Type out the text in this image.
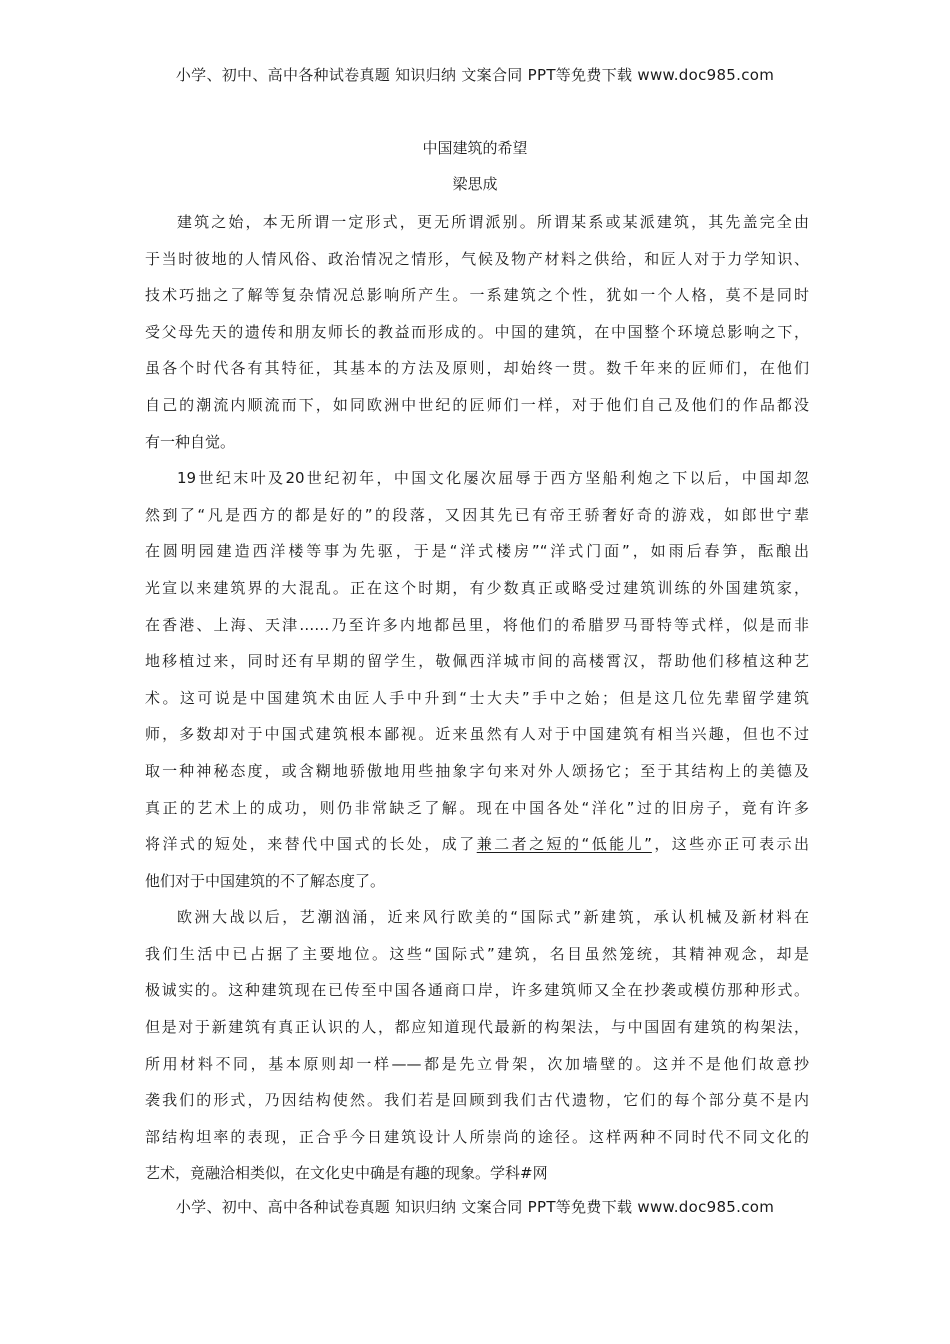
小学、初中、高中各种试卷真题 知识归纳 文案合同 PPT等免费下载 www.doc985.com
中国建筑的希望
梁思成
建筑之始，本无所谓一定形式，更无所谓派别。所谓某系或某派建筑，其先盖完全由
于当时彼地的人情风俗、政治情况之情形，气候及物产材料之供给，和匠人对于力学知识、
技术巧拙之了解等复杂情况总影响所产生。一系建筑之个性，犹如一个人格，莫不是同时
受父母先天的遗传和朋友师长的教益而形成的。中国的建筑，在中国整个环境总影响之下，
虽各个时代各有其特征，其基本的方法及原则，却始终一贯。数千年来的匠师们，在他们
自己的潮流内顺流而下，如同欧洲中世纪的匠师们一样，对于他们自己及他们的作品都没
有一种自觉。
19世纪末叶及20世纪初年，中国文化屡次屈辱于西方坚船利炮之下以后，中国却忽
然到了“凡是西方的都是好的”的段落，又因其先已有帝王骄奢好奇的游戏，如郎世宁辈
在圆明园建造西洋楼等事为先驱，于是“洋式楼房”“洋式门面”，如雨后春笋，酝酿出
光宣以来建筑界的大混乱。正在这个时期，有少数真正或略受过建筑训练的外国建筑家，
在香港、上海、天津……乃至许多内地都邑里，将他们的希腊罗马哥特等式样，似是而非
地移植过来，同时还有早期的留学生，敬佩西洋城市间的高楼霄汉，帮助他们移植这种艺
术。这可说是中国建筑术由匠人手中升到“士大夫”手中之始；但是这几位先辈留学建筑
师，多数却对于中国式建筑根本鄙视。近来虽然有人对于中国建筑有相当兴趣，但也不过
取一种神秘态度，或含糊地骄傲地用些抽象字句来对外人颂扬它；至于其结构上的美德及
真正的艺术上的成功，则仍非常缺乏了解。现在中国各处“洋化”过的旧房子，竟有许多
将洋式的短处，来替代中国式的长处，成了兼二者之短的“低能儿”，这些亦正可表示出
他们对于中国建筑的不了解态度了。
欧洲大战以后，艺潮汹涌，近来风行欧美的“国际式”新建筑，承认机械及新材料在
我们生活中已占据了主要地位。这些“国际式”建筑，名目虽然笼统，其精神观念，却是
极诚实的。这种建筑现在已传至中国各通商口岸，许多建筑师又全在抄袭或模仿那种形式。
但是对于新建筑有真正认识的人，都应知道现代最新的构架法，与中国固有建筑的构架法，
所用材料不同，基本原则却一样——都是先立骨架，次加墙壁的。这并不是他们故意抄
袭我们的形式，乃因结构使然。我们若是回顾到我们古代遗物，它们的每个部分莫不是内
部结构坦率的表现，正合乎今日建筑设计人所崇尚的途径。这样两种不同时代不同文化的
艺术，竟融洽相类似，在文化史中确是有趣的现象。学科#网
小学、初中、高中各种试卷真题 知识归纳 文案合同 PPT等免费下载 www.doc985.com
